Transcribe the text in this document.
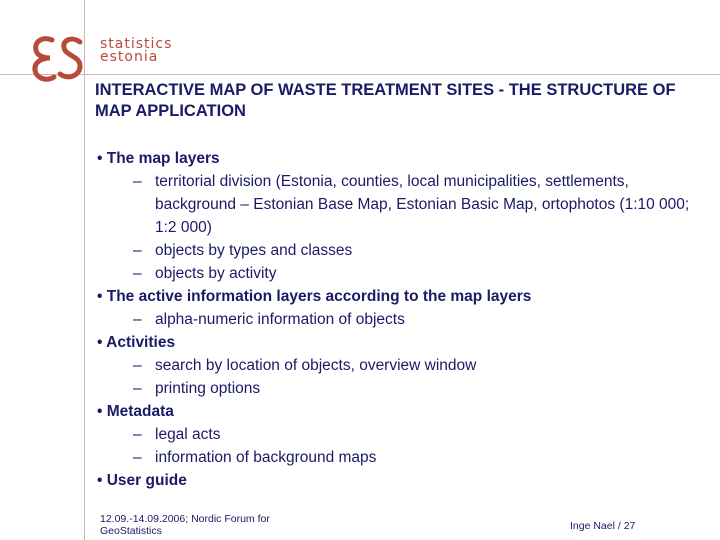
statistics
estonia
INTERACTIVE MAP OF WASTE TREATMENT SITES - THE STRUCTURE OF MAP APPLICATION
• The map layers
– territorial division (Estonia, counties, local municipalities, settlements, background – Estonian Base Map, Estonian Basic Map, ortophotos (1:10 000; 1:2 000)
– objects by types and classes
– objects by activity
• The active information layers according to the map layers
– alpha-numeric information of objects
• Activities
– search by location of objects, overview window
– printing options
• Metadata
– legal acts
– information of background maps
• User guide
12.09.-14.09.2006; Nordic Forum for
GeoStatistics	Inge Nael / 27
